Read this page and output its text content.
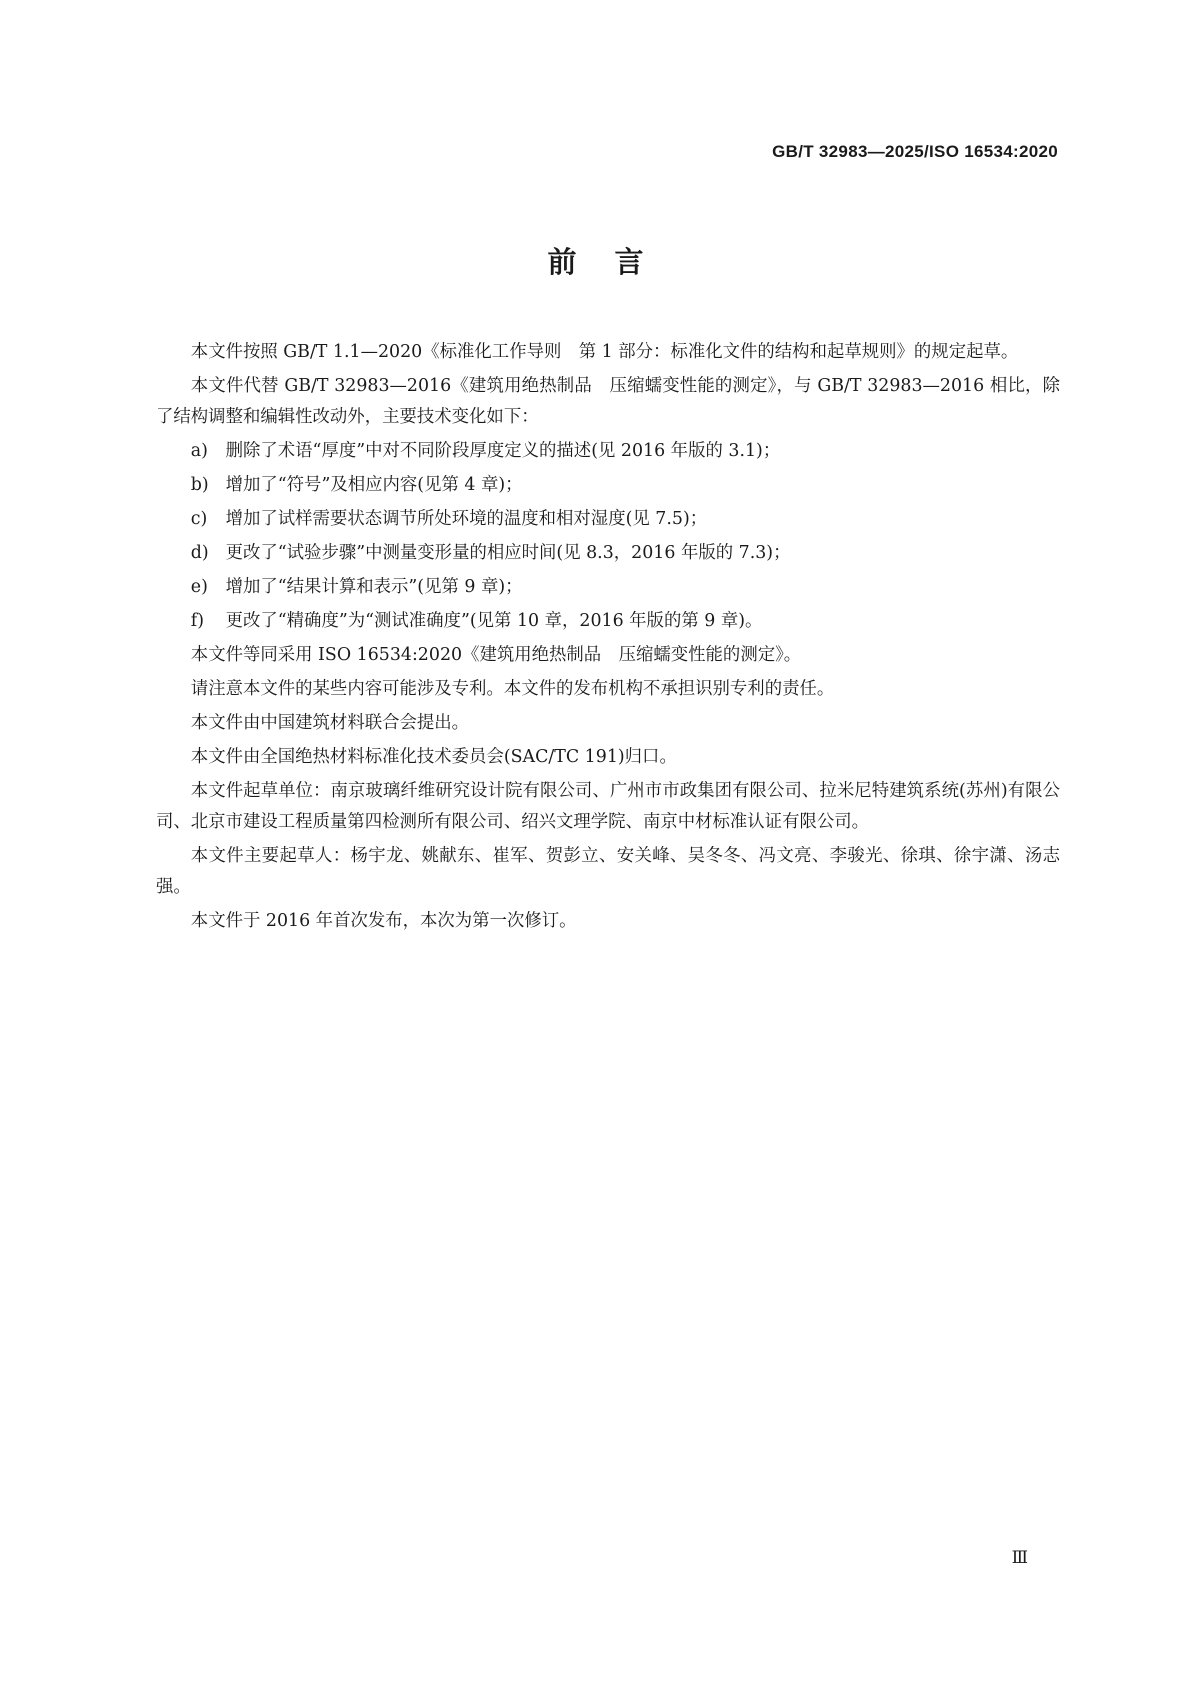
GB/T 32983—2025/ISO 16534:2020
前言

本文件按照 GB/T 1.1—2020《标准化工作导则　第 1 部分：标准化文件的结构和起草规则》的规定起草。

本文件代替 GB/T 32983—2016《建筑用绝热制品　压缩蠕变性能的测定》，与 GB/T 32983—2016 相比，除了结构调整和编辑性改动外，主要技术变化如下：

a)	删除了术语“厚度”中对不同阶段厚度定义的描述(见 2016 年版的 3.1)；

b) 增加了“符号”及相应内容(见第 4 章)；

c)	增加了试样需要状态调节所处环境的温度和相对湿度(见 7.5)；

d) 更改了“试验步骤”中测量变形量的相应时间(见 8.3，2016 年版的 7.3)；

e)	增加了“结果计算和表示”(见第 9 章)；

f)	更改了“精确度”为“测试准确度”(见第 10 章，2016 年版的第 9 章)。

本文件等同采用 ISO 16534:2020《建筑用绝热制品　压缩蠕变性能的测定》。

请注意本文件的某些内容可能涉及专利。本文件的发布机构不承担识别专利的责任。

本文件由中国建筑材料联合会提出。

本文件由全国绝热材料标准化技术委员会(SAC/TC 191)归口。

本文件起草单位：南京玻璃纤维研究设计院有限公司、广州市市政集团有限公司、拉米尼特建筑系统(苏州)有限公司、北京市建设工程质量第四检测所有限公司、绍兴文理学院、南京中材标准认证有限公司。

本文件主要起草人：杨宇龙、姚献东、崔军、贺彭立、安关峰、吴冬冬、冯文亮、李骏光、徐琪、徐宇潇、汤志强。

本文件于 2016 年首次发布，本次为第一次修订。

Ⅲ
